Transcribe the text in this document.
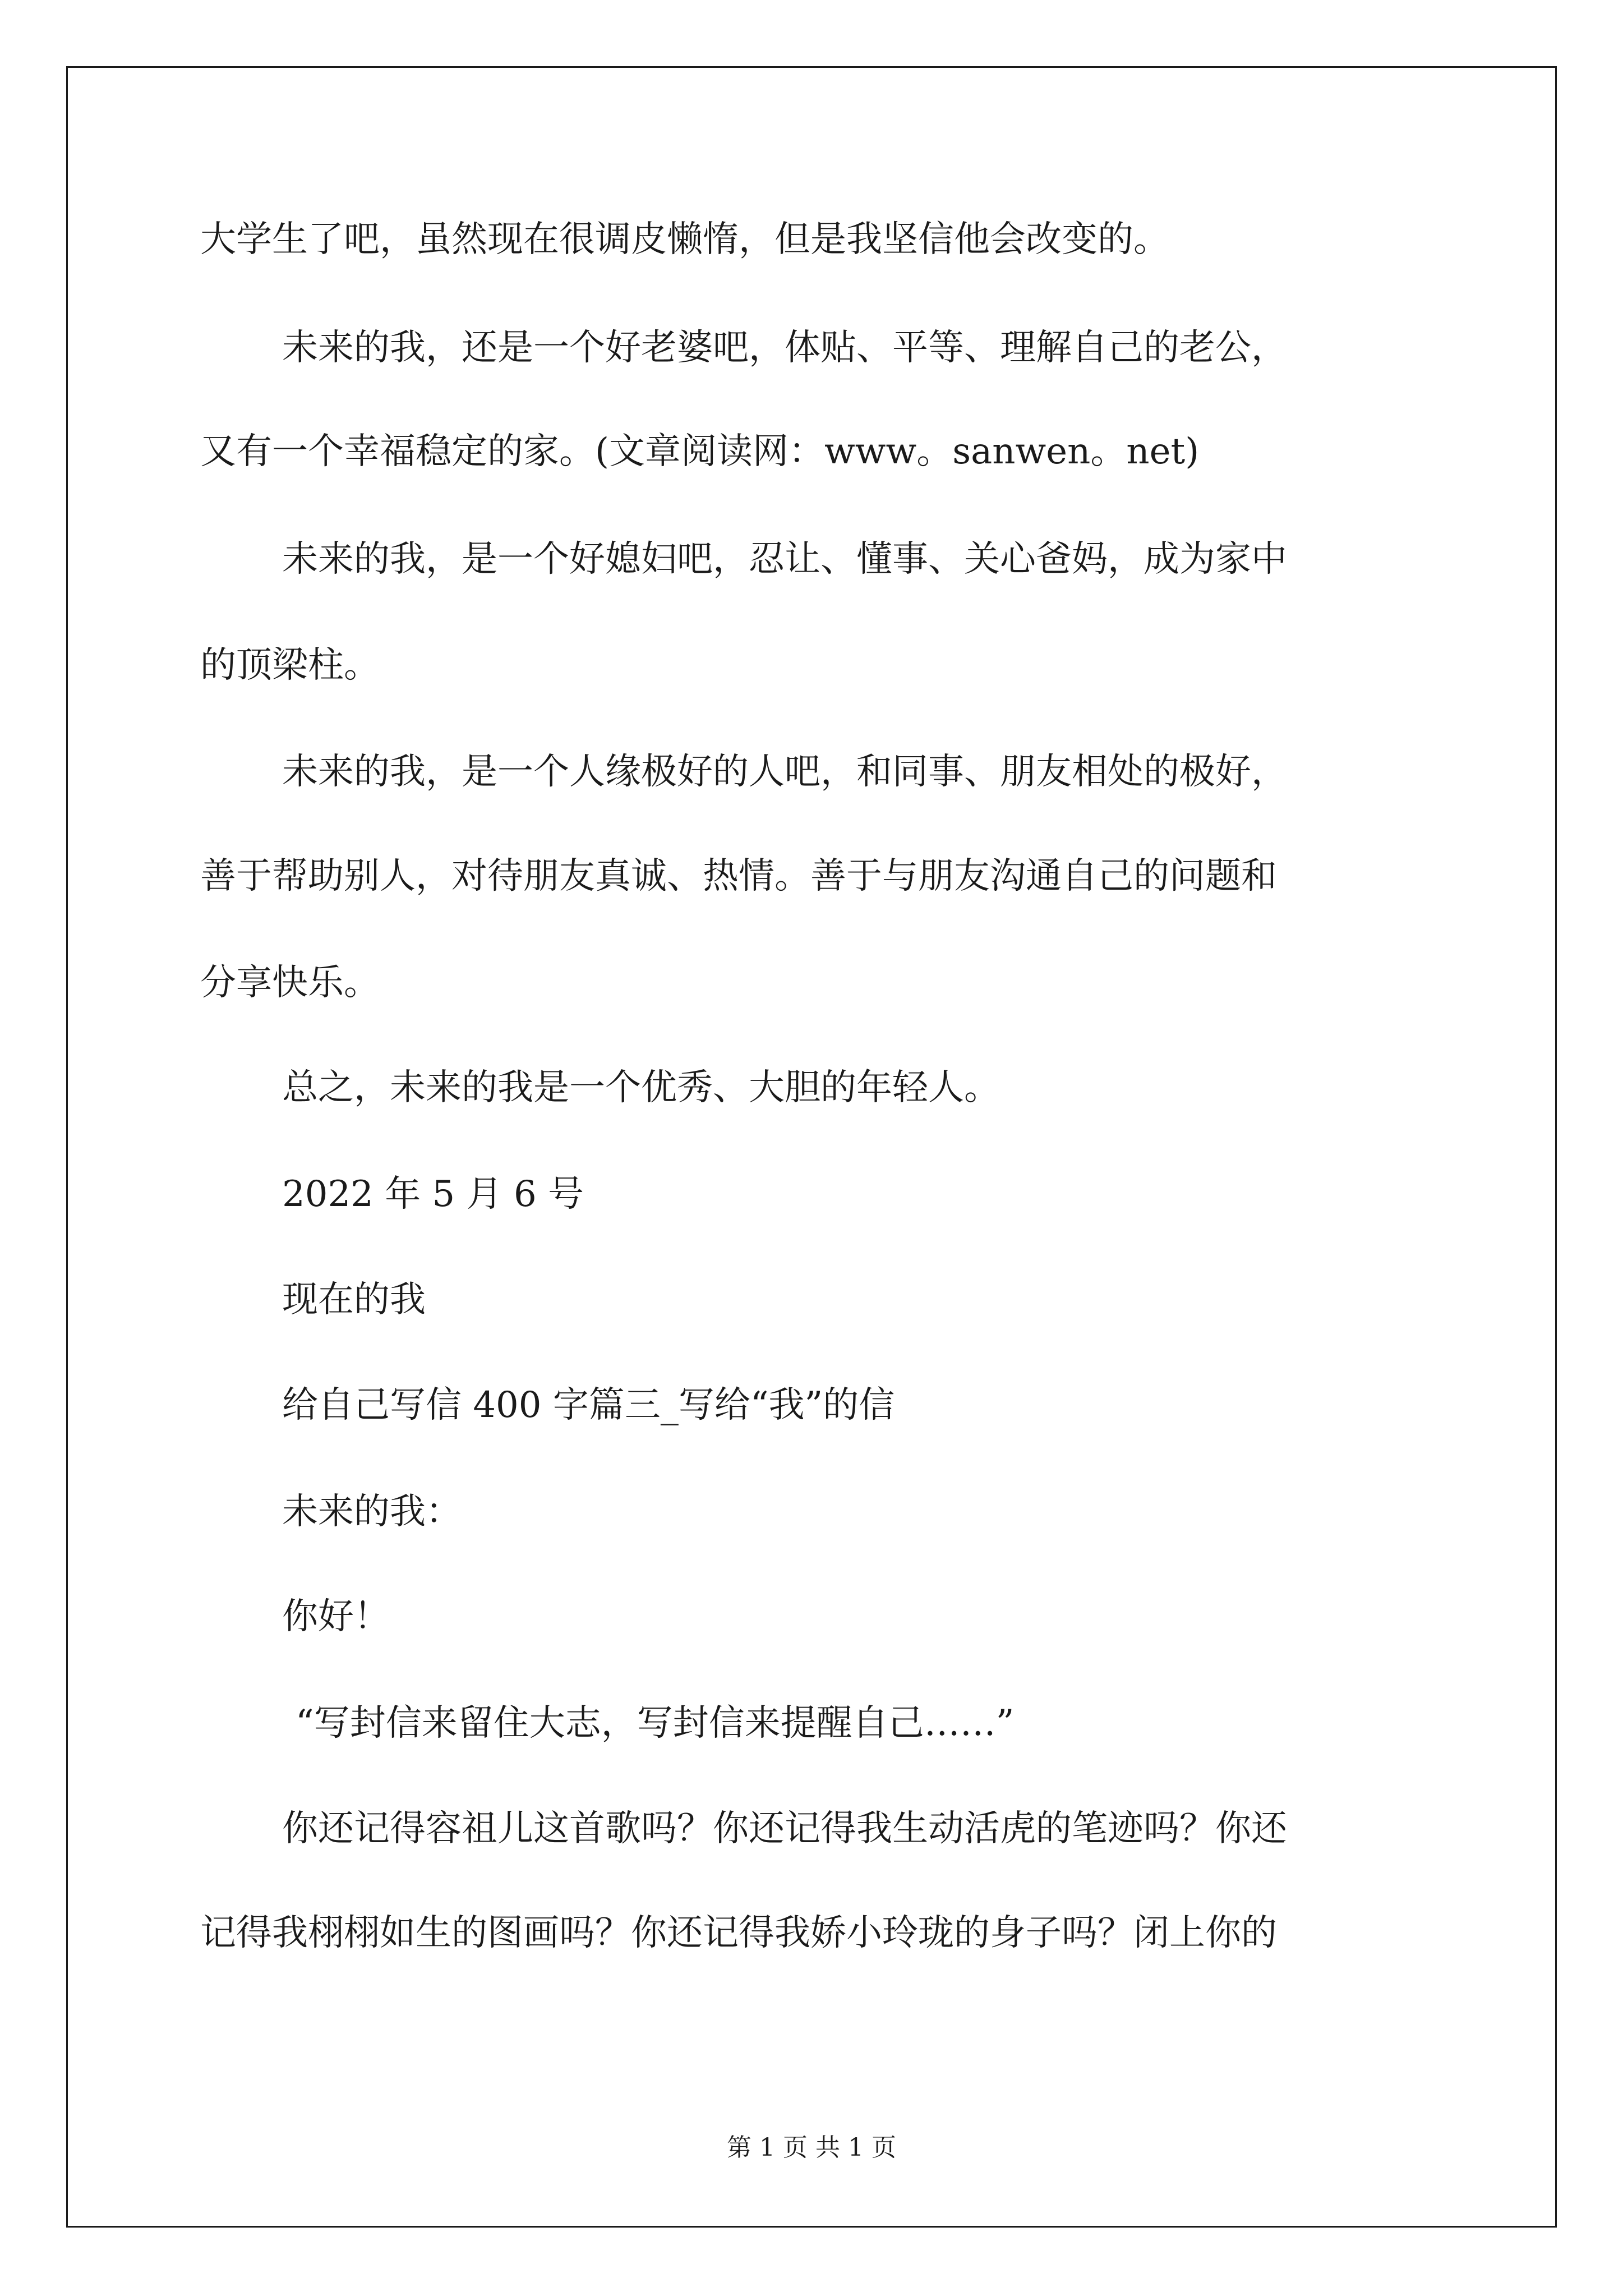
大学生了吧，虽然现在很调皮懒惰，但是我坚信他会改变的。
未来的我，还是一个好老婆吧，体贴、平等、理解自己的老公，
又有一个幸福稳定的家。(文章阅读网：www。sanwen。net)
未来的我，是一个好媳妇吧，忍让、懂事、关心爸妈，成为家中
的顶梁柱。
未来的我，是一个人缘极好的人吧，和同事、朋友相处的极好，
善于帮助别人，对待朋友真诚、热情。善于与朋友沟通自己的问题和
分享快乐。
总之，未来的我是一个优秀、大胆的年轻人。
2022 年 5 月 6 号
现在的我
给自己写信 400 字篇三_写给“我”的信
未来的我：
你好！
“写封信来留住大志，写封信来提醒自己……”
你还记得容祖儿这首歌吗？你还记得我生动活虎的笔迹吗？你还
记得我栩栩如生的图画吗？你还记得我娇小玲珑的身子吗？闭上你的
第 1 页 共 1 页
